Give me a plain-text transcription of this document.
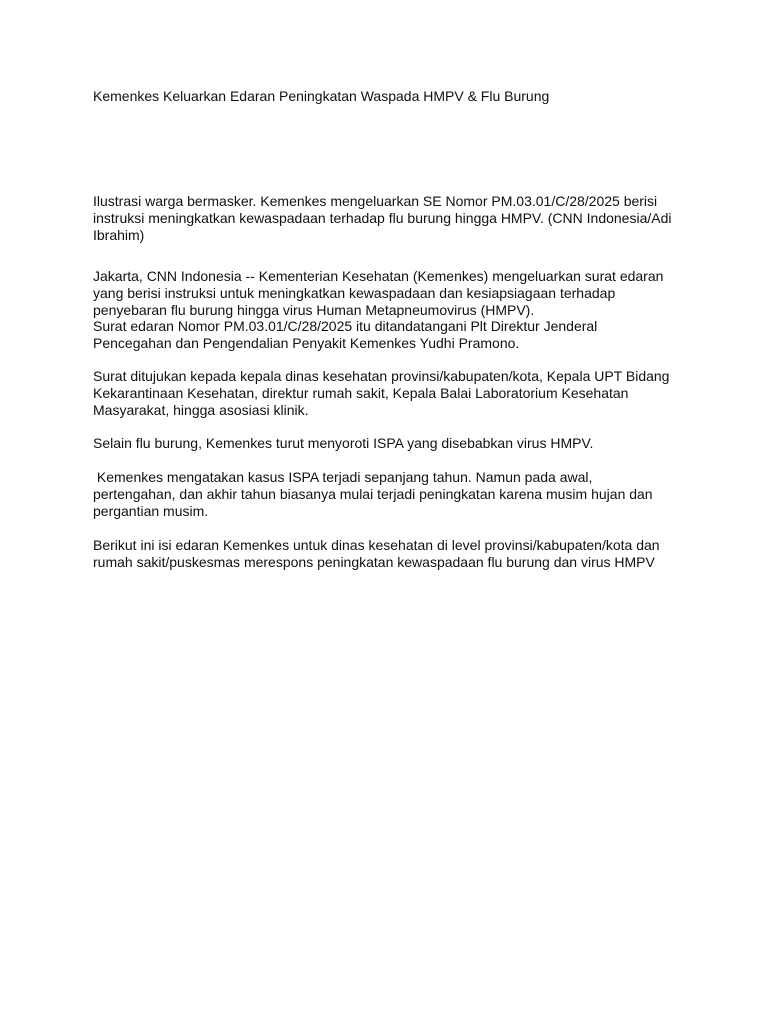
Kemenkes Keluarkan Edaran Peningkatan Waspada HMPV & Flu Burung

Ilustrasi warga bermasker. Kemenkes mengeluarkan SE Nomor PM.03.01/C/28/2025 berisi instruksi meningkatkan kewaspadaan terhadap flu burung hingga HMPV. (CNN Indonesia/Adi Ibrahim)

Jakarta, CNN Indonesia -- Kementerian Kesehatan (Kemenkes) mengeluarkan surat edaran yang berisi instruksi untuk meningkatkan kewaspadaan dan kesiapsiagaan terhadap penyebaran flu burung hingga virus Human Metapneumovirus (HMPV).
Surat edaran Nomor PM.03.01/C/28/2025 itu ditandatangani Plt Direktur Jenderal Pencegahan dan Pengendalian Penyakit Kemenkes Yudhi Pramono.

Surat ditujukan kepada kepala dinas kesehatan provinsi/kabupaten/kota, Kepala UPT Bidang Kekarantinaan Kesehatan, direktur rumah sakit, Kepala Balai Laboratorium Kesehatan Masyarakat, hingga asosiasi klinik.

Selain flu burung, Kemenkes turut menyoroti ISPA yang disebabkan virus HMPV.

Kemenkes mengatakan kasus ISPA terjadi sepanjang tahun. Namun pada awal, pertengahan, dan akhir tahun biasanya mulai terjadi peningkatan karena musim hujan dan pergantian musim.

Berikut ini isi edaran Kemenkes untuk dinas kesehatan di level provinsi/kabupaten/kota dan rumah sakit/puskesmas merespons peningkatan kewaspadaan flu burung dan virus HMPV
